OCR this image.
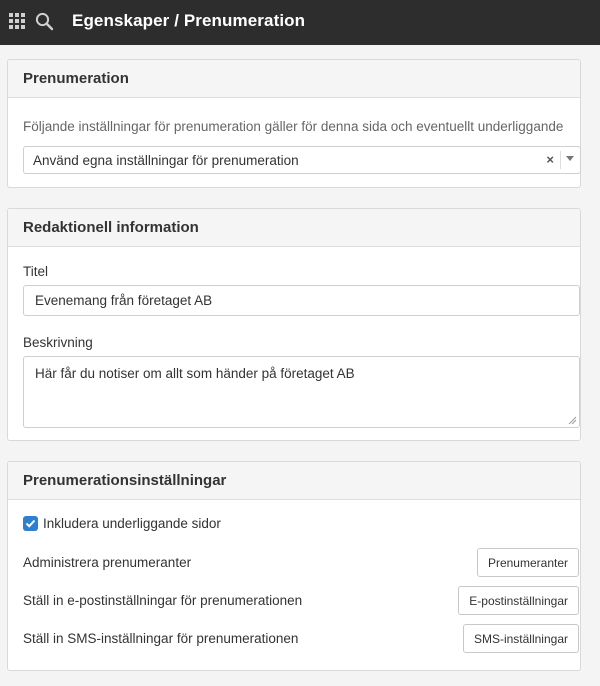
Egenskaper / Prenumeration
Prenumeration
Följande inställningar för prenumeration gäller för denna sida och eventuellt underliggande
Använd egna inställningar för prenumeration	×
Redaktionell information
Titel
Evenemang från företaget AB
Beskrivning
Här får du notiser om allt som händer på företaget AB
Prenumerationsinställningar
Inkludera underliggande sidor
Administrera prenumeranter	Prenumeranter
Ställ in e-postinställningar för prenumerationen	E-postinställningar
Ställ in SMS-inställningar för prenumerationen	SMS-inställningar
